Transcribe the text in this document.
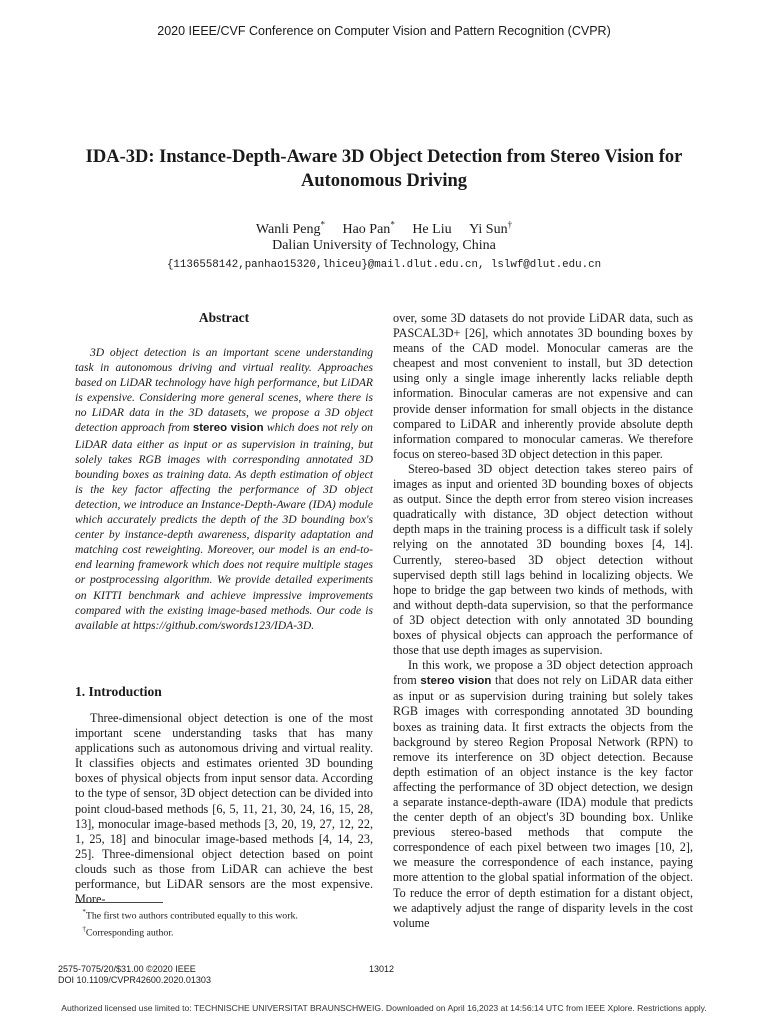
2020 IEEE/CVF Conference on Computer Vision and Pattern Recognition (CVPR)
IDA-3D: Instance-Depth-Aware 3D Object Detection from Stereo Vision for
Autonomous Driving
Wanli Peng* Hao Pan* He Liu Yi Sun†
Dalian University of Technology, China
{1136558142,panhao15320,lhiceu}@mail.dlut.edu.cn, lslwf@dlut.edu.cn
Abstract

3D object detection is an important scene understanding task in autonomous driving and virtual reality. Approaches based on LiDAR technology have high performance, but LiDAR is expensive. Considering more general scenes, where there is no LiDAR data in the 3D datasets, we propose a 3D object detection approach from stereo vision which does not rely on LiDAR data either as input or as supervision in training, but solely takes RGB images with corresponding annotated 3D bounding boxes as training data. As depth estimation of object is the key factor affecting the performance of 3D object detection, we introduce an Instance-Depth-Aware (IDA) module which accurately predicts the depth of the 3D bounding box's center by instance-depth awareness, disparity adaptation and matching cost reweighting. Moreover, our model is an end-to-end learning framework which does not require multiple stages or postprocessing algorithm. We provide detailed experiments on KITTI benchmark and achieve impressive improvements compared with the existing image-based methods. Our code is available at https://github.com/swords123/IDA-3D.

1. Introduction

Three-dimensional object detection is one of the most important scene understanding tasks that has many applications such as autonomous driving and virtual reality. It classifies objects and estimates oriented 3D bounding boxes of physical objects from input sensor data. According to the type of sensor, 3D object detection can be divided into point cloud-based methods [6, 5, 11, 21, 30, 24, 16, 15, 28, 13], monocular image-based methods [3, 20, 19, 27, 12, 22, 1, 25, 18] and binocular image-based methods [4, 14, 23, 25]. Three-dimensional object detection based on point clouds such as those from LiDAR can achieve the best performance, but LiDAR sensors are the most expensive. More-

*The first two authors contributed equally to this work.
†Corresponding author.

over, some 3D datasets do not provide LiDAR data, such as PASCAL3D+ [26], which annotates 3D bounding boxes by means of the CAD model. Monocular cameras are the cheapest and most convenient to install, but 3D detection using only a single image inherently lacks reliable depth information. Binocular cameras are not expensive and can provide denser information for small objects in the distance compared to LiDAR and inherently provide absolute depth information compared to monocular cameras. We therefore focus on stereo-based 3D object detection in this paper.

Stereo-based 3D object detection takes stereo pairs of images as input and oriented 3D bounding boxes of objects as output. Since the depth error from stereo vision increases quadratically with distance, 3D object detection without depth maps in the training process is a difficult task if solely relying on the annotated 3D bounding boxes [4, 14]. Currently, stereo-based 3D object detection without supervised depth still lags behind in localizing objects. We hope to bridge the gap between two kinds of methods, with and without depth-data supervision, so that the performance of 3D object detection with only annotated 3D bounding boxes of physical objects can approach the performance of those that use depth images as supervision.

In this work, we propose a 3D object detection approach from stereo vision that does not rely on LiDAR data either as input or as supervision during training but solely takes RGB images with corresponding annotated 3D bounding boxes as training data. It first extracts the objects from the background by stereo Region Proposal Network (RPN) to remove its interference on 3D object detection. Because depth estimation of an object instance is the key factor affecting the performance of 3D object detection, we design a separate instance-depth-aware (IDA) module that predicts the center depth of an object's 3D bounding box. Unlike previous stereo-based methods that compute the correspondence of each pixel between two images [10, 2], we measure the correspondence of each instance, paying more attention to the global spatial information of the object. To reduce the error of depth estimation for a distant object, we adaptively adjust the range of disparity levels in the cost volume

2575-7075/20/$31.00 ©2020 IEEE
DOI 10.1109/CVPR42600.2020.01303
13012
Authorized licensed use limited to: TECHNISCHE UNIVERSITAT BRAUNSCHWEIG. Downloaded on April 16,2023 at 14:56:14 UTC from IEEE Xplore. Restrictions apply.
